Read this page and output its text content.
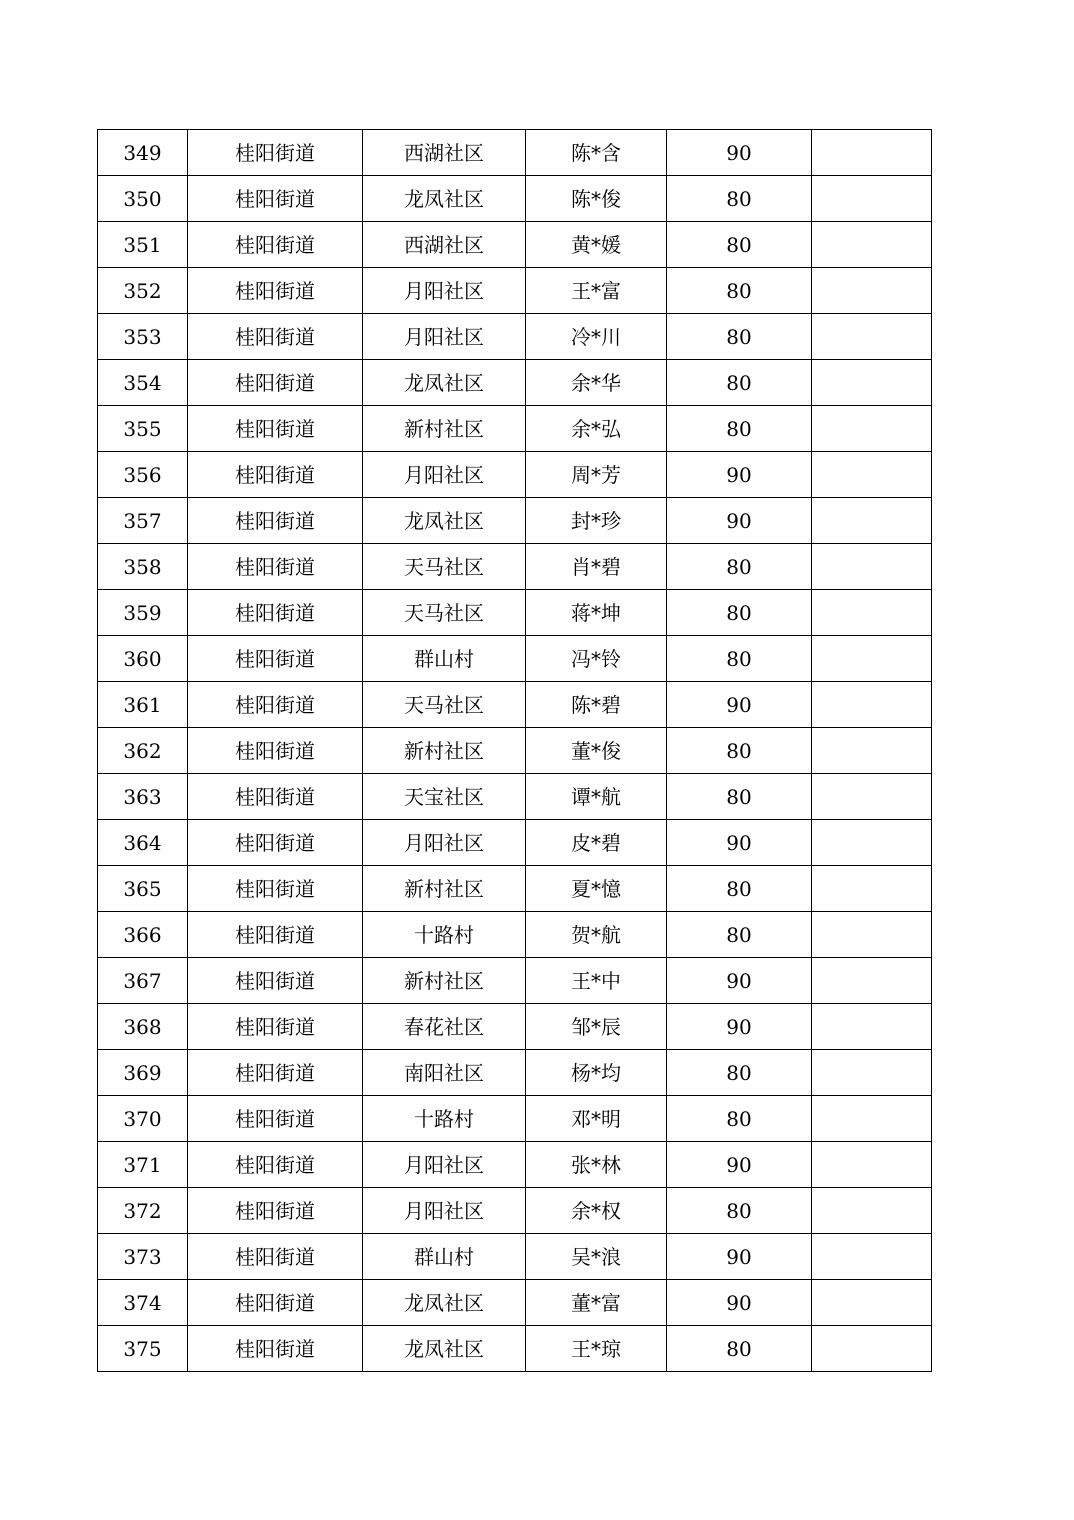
349	桂阳街道	西湖社区	陈*含	90	
350	桂阳街道	龙凤社区	陈*俊	80	
351	桂阳街道	西湖社区	黄*媛	80	
352	桂阳街道	月阳社区	王*富	80	
353	桂阳街道	月阳社区	冷*川	80	
354	桂阳街道	龙凤社区	余*华	80	
355	桂阳街道	新村社区	余*弘	80	
356	桂阳街道	月阳社区	周*芳	90	
357	桂阳街道	龙凤社区	封*珍	90	
358	桂阳街道	天马社区	肖*碧	80	
359	桂阳街道	天马社区	蒋*坤	80	
360	桂阳街道	群山村	冯*铃	80	
361	桂阳街道	天马社区	陈*碧	90	
362	桂阳街道	新村社区	董*俊	80	
363	桂阳街道	天宝社区	谭*航	80	
364	桂阳街道	月阳社区	皮*碧	90	
365	桂阳街道	新村社区	夏*憶	80	
366	桂阳街道	十路村	贺*航	80	
367	桂阳街道	新村社区	王*中	90	
368	桂阳街道	春花社区	邹*辰	90	
369	桂阳街道	南阳社区	杨*均	80	
370	桂阳街道	十路村	邓*明	80	
371	桂阳街道	月阳社区	张*林	90	
372	桂阳街道	月阳社区	余*权	80	
373	桂阳街道	群山村	吴*浪	90	
374	桂阳街道	龙凤社区	董*富	90	
375	桂阳街道	龙凤社区	王*琼	80	
